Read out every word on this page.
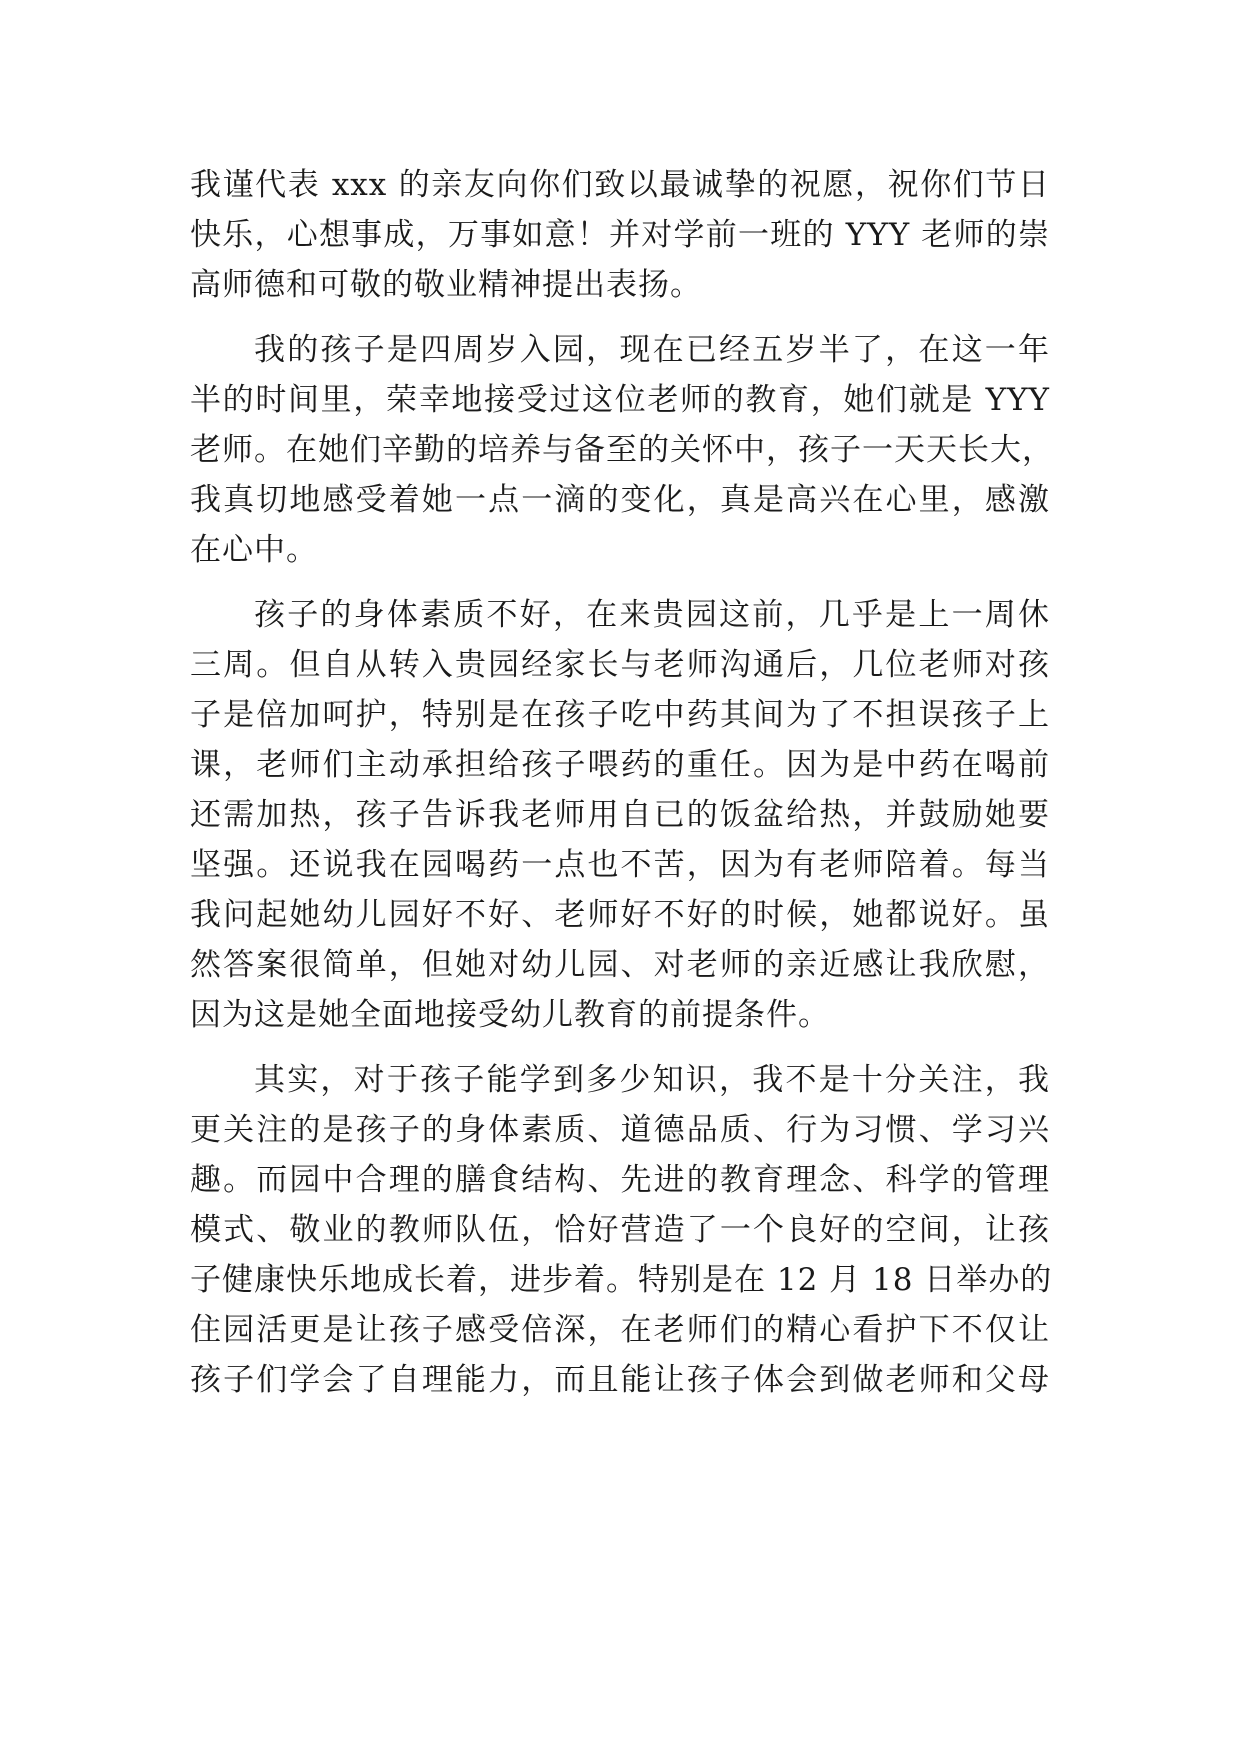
我谨代表 xxx 的亲友向你们致以最诚挚的祝愿，祝你们节日
快乐，心想事成，万事如意！并对学前一班的 YYY 老师的崇
高师德和可敬的敬业精神提出表扬。
我的孩子是四周岁入园，现在已经五岁半了，在这一年
半的时间里，荣幸地接受过这位老师的教育，她们就是 YYY
老师。在她们辛勤的培养与备至的关怀中，孩子一天天长大，
我真切地感受着她一点一滴的变化，真是高兴在心里，感激
在心中。
孩子的身体素质不好，在来贵园这前，几乎是上一周休
三周。但自从转入贵园经家长与老师沟通后，几位老师对孩
子是倍加呵护，特别是在孩子吃中药其间为了不担误孩子上
课，老师们主动承担给孩子喂药的重任。因为是中药在喝前
还需加热，孩子告诉我老师用自已的饭盆给热，并鼓励她要
坚强。还说我在园喝药一点也不苦，因为有老师陪着。每当
我问起她幼儿园好不好、老师好不好的时候，她都说好。虽
然答案很简单，但她对幼儿园、对老师的亲近感让我欣慰，
因为这是她全面地接受幼儿教育的前提条件。
其实，对于孩子能学到多少知识，我不是十分关注，我
更关注的是孩子的身体素质、道德品质、行为习惯、学习兴
趣。而园中合理的膳食结构、先进的教育理念、科学的管理
模式、敬业的教师队伍，恰好营造了一个良好的空间，让孩
子健康快乐地成长着，进步着。特别是在 12 月 18 日举办的
住园活更是让孩子感受倍深，在老师们的精心看护下不仅让
孩子们学会了自理能力，而且能让孩子体会到做老师和父母
